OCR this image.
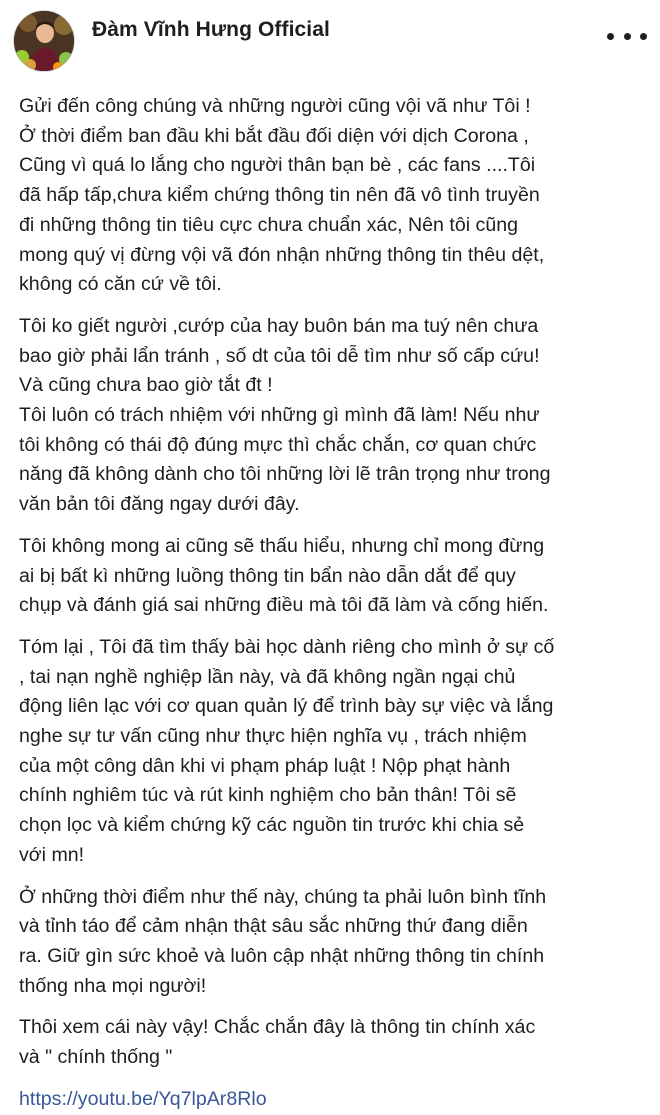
Đàm Vĩnh Hưng Official

Gửi đến công chúng và những người cũng vội vã như Tôi !
Ở thời điểm ban đầu khi bắt đầu đối diện với dịch Corona ,
Cũng vì quá lo lắng cho người thân bạn bè , các fans ....Tôi
đã hấp tấp,chưa kiểm chứng thông tin nên đã vô tình truyền
đi những thông tin tiêu cực chưa chuẩn xác, Nên tôi cũng
mong quý vị đừng vội vã đón nhận những thông tin thêu dệt,
không có căn cứ về tôi.

Tôi ko giết người ,cướp của hay buôn bán ma tuý nên chưa
bao giờ phải lẩn tránh , số dt của tôi dễ tìm như số cấp cứu!
Và cũng chưa bao giờ tắt đt !
Tôi luôn có trách nhiệm với những gì mình đã làm! Nếu như
tôi không có thái độ đúng mực thì chắc chắn, cơ quan chức
năng đã không dành cho tôi những lời lẽ trân trọng như trong
văn bản tôi đăng ngay dưới đây.

Tôi không mong ai cũng sẽ thấu hiểu, nhưng chỉ mong đừng
ai bị bất kì những luồng thông tin bẩn nào dẫn dắt để quy
chụp và đánh giá sai những điều mà tôi đã làm và cống hiến.

Tóm lại , Tôi đã tìm thấy bài học dành riêng cho mình ở sự cố
, tai nạn nghề nghiệp lần này, và đã không ngần ngại chủ
động liên lạc với cơ quan quản lý để trình bày sự việc và lắng
nghe sự tư vấn cũng như thực hiện nghĩa vụ , trách nhiệm
của một công dân khi vi phạm pháp luật ! Nộp phạt hành
chính nghiêm túc và rút kinh nghiệm cho bản thân! Tôi sẽ
chọn lọc và kiểm chứng kỹ các nguồn tin trước khi chia sẻ
với mn!

Ở những thời điểm như thế này, chúng ta phải luôn bình tĩnh
và tỉnh táo để cảm nhận thật sâu sắc những thứ đang diễn
ra. Giữ gìn sức khoẻ và luôn cập nhật những thông tin chính
thống nha mọi người!

Thôi xem cái này vậy! Chắc chắn đây là thông tin chính xác
và " chính thống "

https://youtu.be/Yq7lpAr8Rlo
